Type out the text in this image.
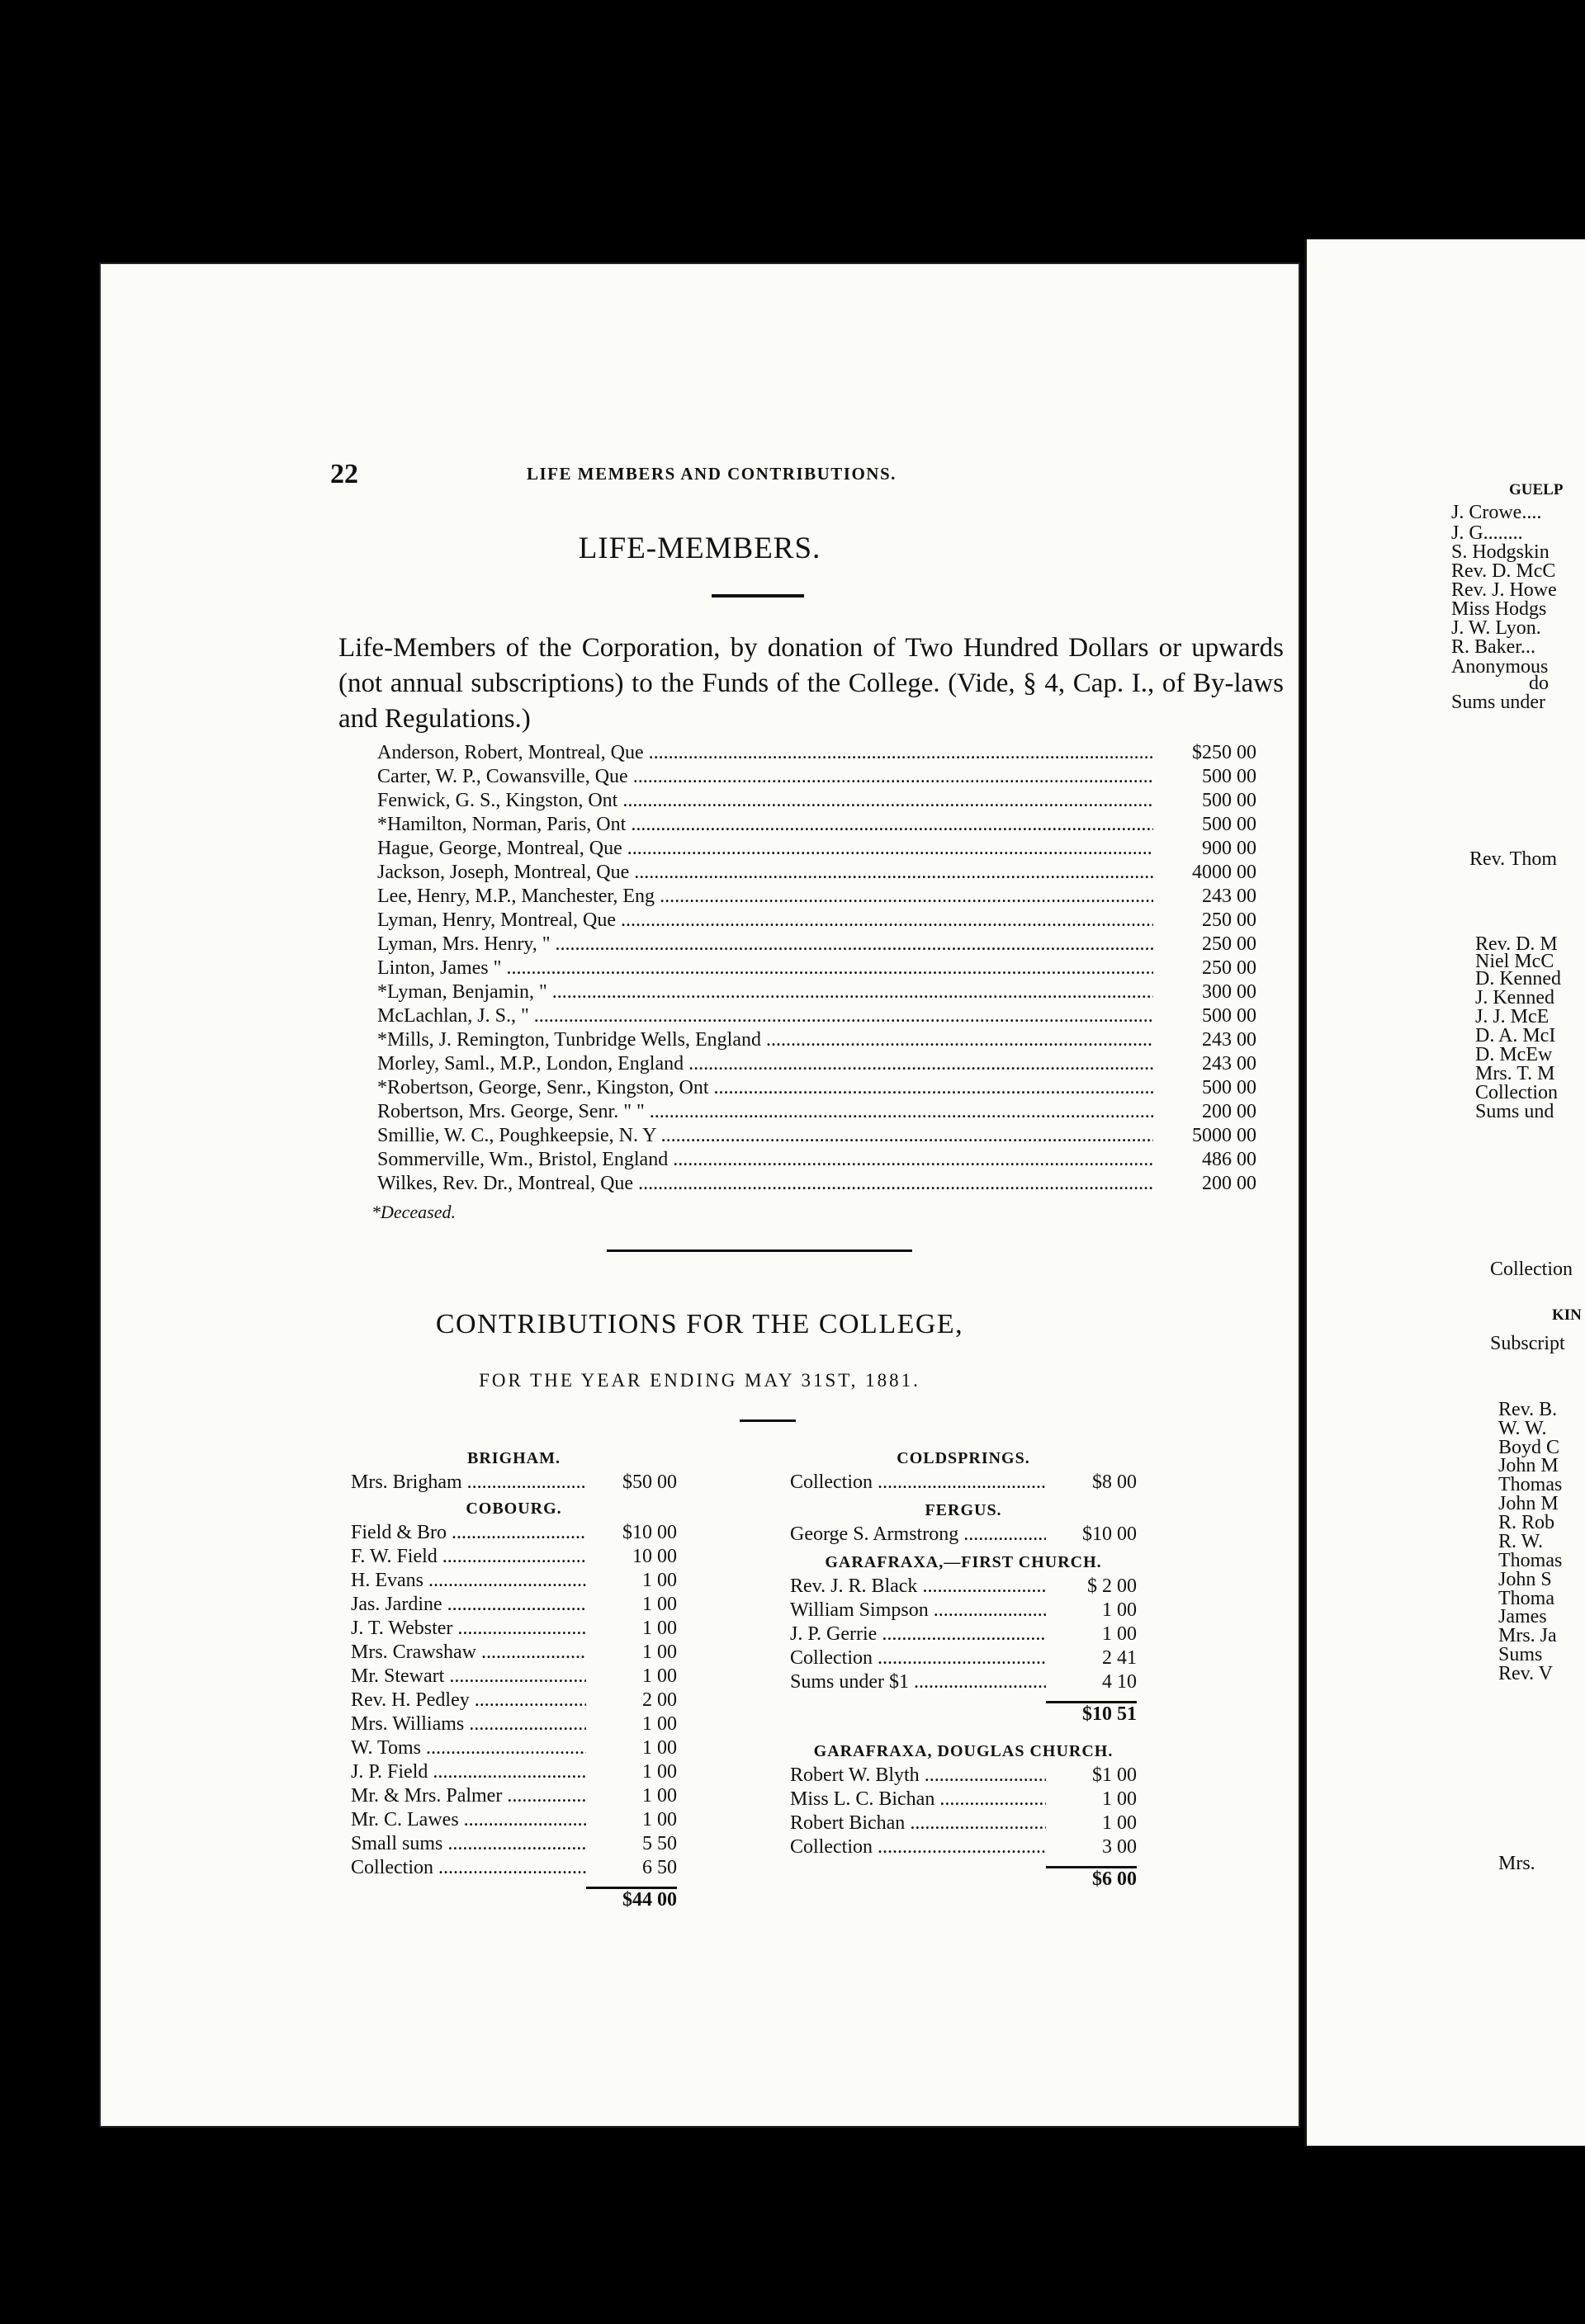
22	LIFE MEMBERS AND CONTRIBUTIONS.
LIFE-MEMBERS.
Life-Members of the Corporation, by donation of Two Hundred Dollars or upwards (not annual subscriptions) to the Funds of the College. (Vide, § 4, Cap. I., of By-laws and Regulations.)
Anderson, Robert, Montreal, Que .....	$250 00
Carter, W. P., Cowansville, Que .....	500 00
Fenwick, G. S., Kingston, Ont .....	500 00
*Hamilton, Norman, Paris, Ont .....	500 00
Hague, George, Montreal, Que .....	900 00
Jackson, Joseph, Montreal, Que .....	4000 00
Lee, Henry, M.P., Manchester, Eng .....	243 00
Lyman, Henry, Montreal, Que .....	250 00
Lyman, Mrs. Henry, " .....	250 00
Linton, James " .....	250 00
*Lyman, Benjamin, " .....	300 00
McLachlan, J. S., " .....	500 00
*Mills, J. Remington, Tunbridge Wells, England .....	243 00
Morley, Saml., M.P., London, England .....	243 00
*Robertson, George, Senr., Kingston, Ont .....	500 00
Robertson, Mrs. George, Senr. " " .....	200 00
Smillie, W. C., Poughkeepsie, N. Y .....	5000 00
Sommerville, Wm., Bristol, England .....	486 00
Wilkes, Rev. Dr., Montreal, Que .....	200 00
*Deceased.
CONTRIBUTIONS FOR THE COLLEGE,
FOR THE YEAR ENDING MAY 31ST, 1881.
BRIGHAM.
Mrs. Brigham .....	$50 00
COBOURG.
Field & Bro .....	$10 00
F. W. Field .....	10 00
H. Evans .....	1 00
Jas. Jardine .....	1 00
J. T. Webster .....	1 00
Mrs. Crawshaw .....	1 00
Mr. Stewart .....	1 00
Rev. H. Pedley .....	2 00
Mrs. Williams .....	1 00
W. Toms .....	1 00
J. P. Field .....	1 00
Mr. & Mrs. Palmer .....	1 00
Mr. C. Lawes .....	1 00
Small sums .....	5 50
Collection .....	6 50
$44 00
COLDSPRINGS.
Collection .....	$8 00
FERGUS.
George S. Armstrong .....	$10 00
GARAFRAXA,—FIRST CHURCH.
Rev. J. R. Black .....	$ 2 00
William Simpson .....	1 00
J. P. Gerrie .....	1 00
Collection .....	2 41
Sums under $1 .....	4 10
$10 51
GARAFRAXA, DOUGLAS CHURCH.
Robert W. Blyth .....	$1 00
Miss L. C. Bichan .....	1 00
Robert Bichan .....	1 00
Collection .....	3 00
$6 00
GUELP
J. Crowe....
J. G........
S. Hodgskin
Rev. D. McC
Rev. J. Howe
Miss Hodgs
J. W. Lyon.
R. Baker...
Anonymous
do
Sums under
Rev. Thom
Rev. D. M
Niel McC
D. Kenned
J. Kenned
J. J. McE
D. A. McI
D. McEw
Mrs. T. M
Collection
Sums und
Collection
KIN
Subscript
Rev. B.
W. W.
Boyd C
John M
Thomas
John M
R. Rob
R. W.
Thomas
John S
Thoma
James
Mrs. Ja
Sums
Rev. V
Mrs.
